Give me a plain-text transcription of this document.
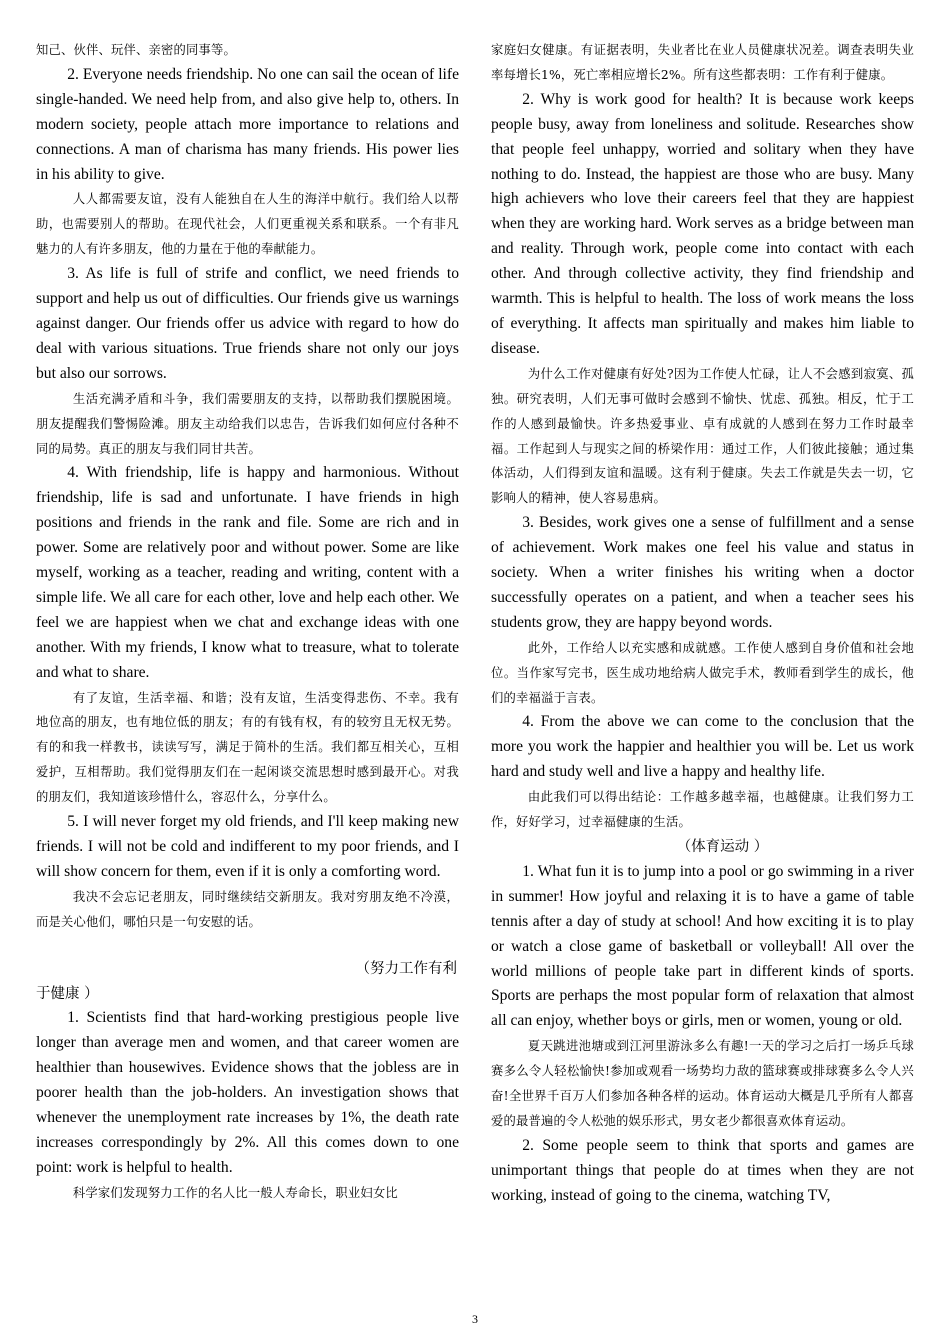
知己、伙伴、玩伴、亲密的同事等。

2. Everyone needs friendship. No one can sail the ocean of life single-handed. We need help from, and also give help to, others. In modern society, people attach more importance to relations and connections. A man of charisma has many friends. His power lies in his ability to give.

人人都需要友谊，没有人能独自在人生的海洋中航行。我们给人以帮助，也需要别人的帮助。在现代社会，人们更重视关系和联系。一个有非凡魅力的人有许多朋友，他的力量在于他的奉献能力。

3. As life is full of strife and conflict, we need friends to support and help us out of difficulties. Our friends give us warnings against danger. Our friends offer us advice with regard to how do deal with various situations. True friends share not only our joys but also our sorrows.

生活充满矛盾和斗争，我们需要朋友的支持，以帮助我们摆脱困境。朋友提醒我们警惕险滩。朋友主动给我们以忠告，告诉我们如何应付各种不同的局势。真正的朋友与我们同甘共苦。

4. With friendship, life is happy and harmonious. Without friendship, life is sad and unfortunate. I have friends in high positions and friends in the rank and file. Some are rich and in power. Some are relatively poor and without power. Some are like myself, working as a teacher, reading and writing, content with a simple life. We all care for each other, love and help each other. We feel we are happiest when we chat and exchange ideas with one another. With my friends, I know what to treasure, what to tolerate and what to share.

有了友谊，生活幸福、和谐；没有友谊，生活变得悲伤、不幸。我有地位高的朋友，也有地位低的朋友；有的有钱有权，有的较穷且无权无势。有的和我一样教书，读读写写，满足于简朴的生活。我们都互相关心，互相爱护，互相帮助。我们觉得朋友们在一起闲谈交流思想时感到最开心。对我的朋友们，我知道该珍惜什么，容忍什么，分享什么。

5. I will never forget my old friends, and I'll keep making new friends. I will not be cold and indifferent to my poor friends, and I will show concern for them, even if it is only a comforting word.

我决不会忘记老朋友，同时继续结交新朋友。我对穷朋友绝不冷漠，而是关心他们，哪怕只是一句安慰的话。

（努力工作有利

于健康 ）

1. Scientists find that hard-working prestigious people live longer than average men and women, and that career women are healthier than housewives. Evidence shows that the jobless are in poorer health than the job-holders. An investigation shows that whenever the unemployment rate increases by 1%, the death rate increases correspondingly by 2%. All this comes down to one point: work is helpful to health.

科学家们发现努力工作的名人比一般人寿命长，职业妇女比

家庭妇女健康。有证据表明，失业者比在业人员健康状况差。调查表明失业率每增长1%，死亡率相应增长2%。所有这些都表明：工作有利于健康。

2. Why is work good for health? It is because work keeps people busy, away from loneliness and solitude. Researches show that people feel unhappy, worried and solitary when they have nothing to do. Instead, the happiest are those who are busy. Many high achievers who love their careers feel that they are happiest when they are working hard. Work serves as a bridge between man and reality. Through work, people come into contact with each other. And through collective activity, they find friendship and warmth. This is helpful to health. The loss of work means the loss of everything. It affects man spiritually and makes him liable to disease.

为什么工作对健康有好处?因为工作使人忙碌，让人不会感到寂寞、孤独。研究表明，人们无事可做时会感到不愉快、忧虑、孤独。相反，忙于工作的人感到最愉快。许多热爱事业、卓有成就的人感到在努力工作时最幸福。工作起到人与现实之间的桥梁作用：通过工作，人们彼此接触；通过集体活动，人们得到友谊和温暖。这有利于健康。失去工作就是失去一切，它影响人的精神，使人容易患病。

3. Besides, work gives one a sense of fulfillment and a sense of achievement. Work makes one feel his value and status in society. When a writer finishes his writing when a doctor successfully operates on a patient, and when a teacher sees his students grow, they are happy beyond words.

此外，工作给人以充实感和成就感。工作使人感到自身价值和社会地位。当作家写完书，医生成功地给病人做完手术，教师看到学生的成长，他们的幸福溢于言表。

4. From the above we can come to the conclusion that the more you work the happier and healthier you will be. Let us work hard and study well and live a happy and healthy life.

由此我们可以得出结论：工作越多越幸福，也越健康。让我们努力工作，好好学习，过幸福健康的生活。

（体育运动 ）

1. What fun it is to jump into a pool or go swimming in a river in summer! How joyful and relaxing it is to have a game of table tennis after a day of study at school! And how exciting it is to play or watch a close game of basketball or volleyball! All over the world millions of people take part in different kinds of sports. Sports are perhaps the most popular form of relaxation that almost all can enjoy, whether boys or girls, men or women, young or old.

夏天跳进池塘或到江河里游泳多么有趣!一天的学习之后打一场乒乓球赛多么令人轻松愉快!参加或观看一场势均力敌的篮球赛或排球赛多么令人兴奋!全世界千百万人们参加各种各样的运动。体育运动大概是几乎所有人都喜爱的最普遍的令人松弛的娱乐形式，男女老少都很喜欢体育运动。

2. Some people seem to think that sports and games are unimportant things that people do at times when they are not working, instead of going to the cinema, watching TV,

3
